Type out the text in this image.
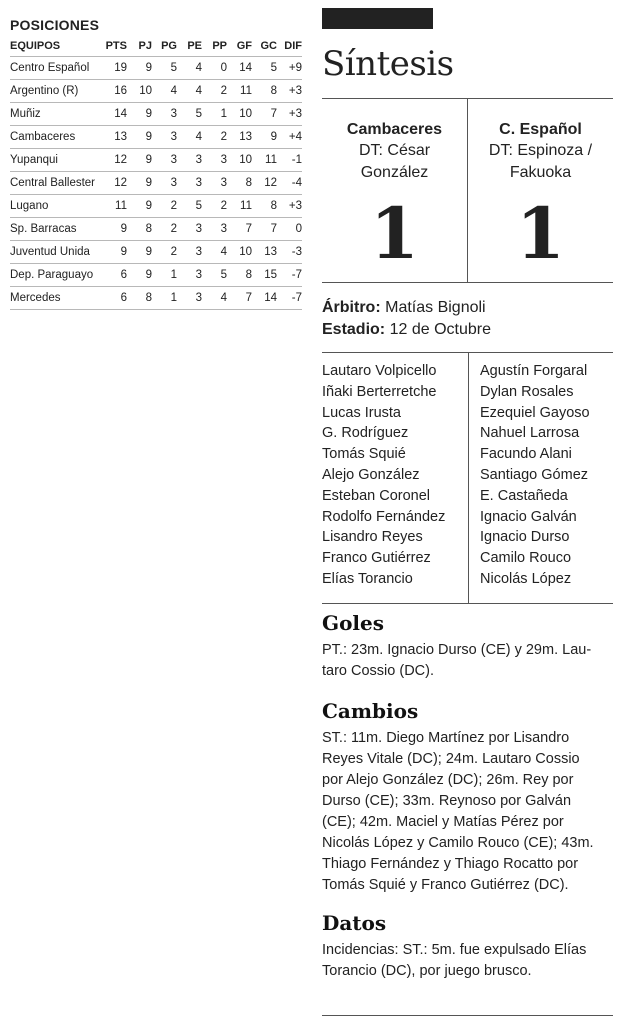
POSICIONES
EQUIPOS	PTS	PJ	PG	PE	PP	GF	GC	DIF
Centro Español	19	9	5	4	0	14	5	+9
Argentino (R)	16	10	4	4	2	11	8	+3
Muñiz	14	9	3	5	1	10	7	+3
Cambaceres	13	9	3	4	2	13	9	+4
Yupanqui	12	9	3	3	3	10	11	-1
Central Ballester	12	9	3	3	3	8	12	-4
Lugano	11	9	2	5	2	11	8	+3
Sp. Barracas	9	8	2	3	3	7	7	0
Juventud Unida	9	9	2	3	4	10	13	-3
Dep. Paraguayo	6	9	1	3	5	8	15	-7
Mercedes	6	8	1	3	4	7	14	-7
Síntesis
Cambaceres
DT: César
González
1
C. Español
DT: Espinoza /
Fakuoka
1
Árbitro: Matías Bignoli
Estadio: 12 de Octubre
Lautaro Volpicello
Iñaki Berterretche
Lucas Irusta
G. Rodríguez
Tomás Squié
Alejo González
Esteban Coronel
Rodolfo Fernández
Lisandro Reyes
Franco Gutiérrez
Elías Torancio
Agustín Forgaral
Dylan Rosales
Ezequiel Gayoso
Nahuel Larrosa
Facundo Alani
Santiago Gómez
E. Castañeda
Ignacio Galván
Ignacio Durso
Camilo Rouco
Nicolás López
Goles
PT.: 23m. Ignacio Durso (CE) y 29m. Lau-
taro Cossio (DC).
Cambios
ST.: 11m. Diego Martínez por Lisandro
Reyes Vitale (DC); 24m. Lautaro Cossio
por Alejo González (DC); 26m. Rey por
Durso (CE); 33m. Reynoso por Galván
(CE); 42m. Maciel y Matías Pérez por
Nicolás López y Camilo Rouco (CE); 43m.
Thiago Fernández y Thiago Rocatto por
Tomás Squié y Franco Gutiérrez (DC).
Datos
Incidencias: ST.: 5m. fue expulsado Elías
Torancio (DC), por juego brusco.
